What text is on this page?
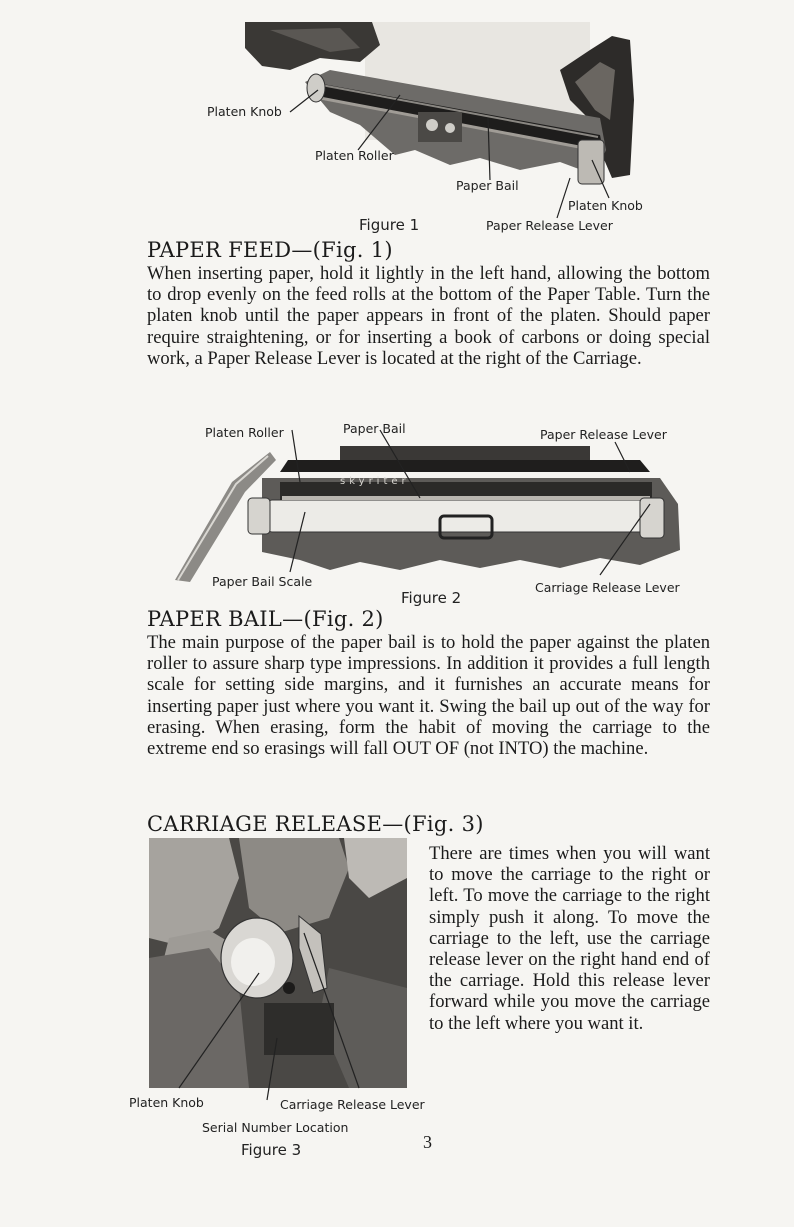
Platen Knob
Platen Roller
Paper Bail
Platen Knob
Figure 1	Paper Release Lever
PAPER FEED—(Fig. 1)

When inserting paper, hold it lightly in the left hand, allowing the bottom to drop evenly on the feed rolls at the bottom of the Paper Table. Turn the platen knob until the paper appears in front of the platen. Should paper require straightening, or for inserting a book of carbons or doing special work, a Paper Release Lever is located at the right of the Carriage.

skyriter
Platen Roller	Paper Bail	Paper Release Lever
Paper Bail Scale	Carriage Release Lever
Figure 2
PAPER BAIL—(Fig. 2)

The main purpose of the paper bail is to hold the paper against the platen roller to assure sharp type impressions. In addition it provides a full length scale for setting side margins, and it furnishes an accurate means for inserting paper just where you want it. Swing the bail up out of the way for erasing. When erasing, form the habit of moving the carriage to the extreme end so erasings will fall OUT OF (not INTO) the machine.

CARRIAGE RELEASE—(Fig. 3)

There are times when you will want to move the carriage to the right or left. To move the carriage to the right simply push it along. To move the carriage to the left, use the carriage release lever on the right hand end of the carriage. Hold this release lever forward while you move the carriage to the left where you want it.

Platen Knob	Carriage Release Lever
Serial Number Location
Figure 3	3
